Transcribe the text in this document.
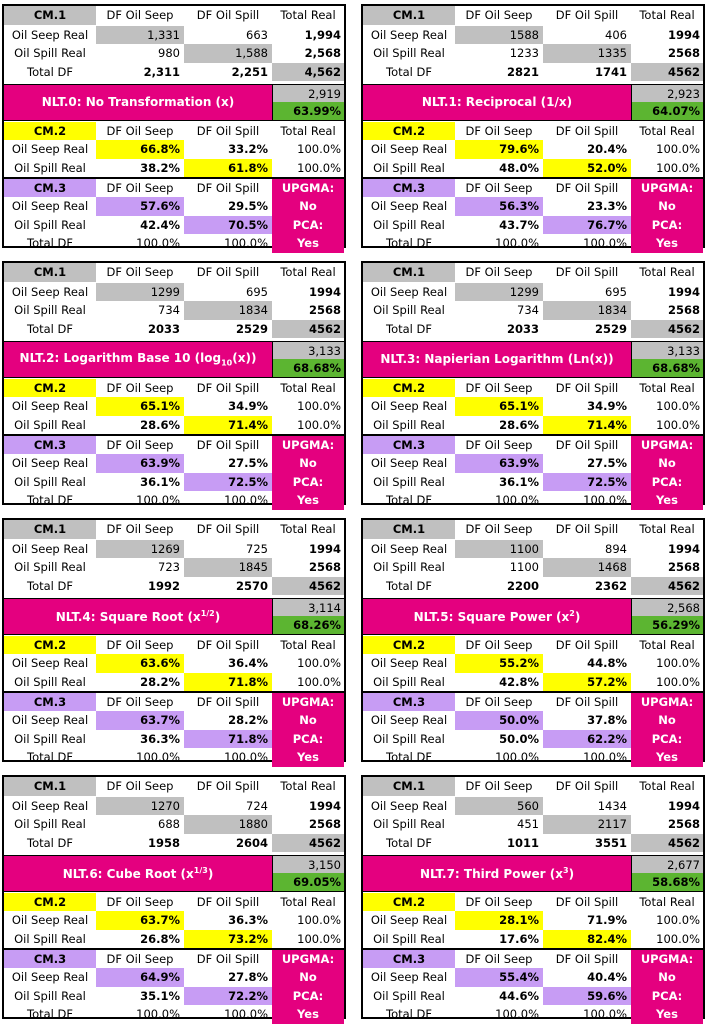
CM.1	DF Oil Seep	DF Oil Spill	Total Real
Oil Seep Real	1,331	663	1,994
Oil Spill Real	980	1,588	2,568
Total DF	2,311	2,251	4,562
NLT.0: No Transformation (x)
2,919
63.99%
CM.2	DF Oil Seep	DF Oil Spill	Total Real
Oil Seep Real	66.8%	33.2%	100.0%
Oil Spill Real	38.2%	61.8%	100.0%
CM.3	DF Oil Seep	DF Oil Spill	UPGMA:
Oil Seep Real	57.6%	29.5%	No
Oil Spill Real	42.4%	70.5%	PCA:
Total DF	100.0%	100.0%	Yes
CM.1	DF Oil Seep	DF Oil Spill	Total Real
Oil Seep Real	1588	406	1994
Oil Spill Real	1233	1335	2568
Total DF	2821	1741	4562
NLT.1: Reciprocal (1/x)
2,923
64.07%
CM.2	DF Oil Seep	DF Oil Spill	Total Real
Oil Seep Real	79.6%	20.4%	100.0%
Oil Spill Real	48.0%	52.0%	100.0%
CM.3	DF Oil Seep	DF Oil Spill	UPGMA:
Oil Seep Real	56.3%	23.3%	No
Oil Spill Real	43.7%	76.7%	PCA:
Total DF	100.0%	100.0%	Yes
CM.1	DF Oil Seep	DF Oil Spill	Total Real
Oil Seep Real	1299	695	1994
Oil Spill Real	734	1834	2568
Total DF	2033	2529	4562
NLT.2: Logarithm Base 10 $(\log_{10}(x))$
3,133
68.68%
CM.2	DF Oil Seep	DF Oil Spill	Total Real
Oil Seep Real	65.1%	34.9%	100.0%
Oil Spill Real	28.6%	71.4%	100.0%
CM.3	DF Oil Seep	DF Oil Spill	UPGMA:
Oil Seep Real	63.9%	27.5%	No
Oil Spill Real	36.1%	72.5%	PCA:
Total DF	100.0%	100.0%	Yes
CM.1	DF Oil Seep	DF Oil Spill	Total Real
Oil Seep Real	1299	695	1994
Oil Spill Real	734	1834	2568
Total DF	2033	2529	4562
NLT.3: Napierian Logarithm (Ln(x))
3,133
68.68%
CM.2	DF Oil Seep	DF Oil Spill	Total Real
Oil Seep Real	65.1%	34.9%	100.0%
Oil Spill Real	28.6%	71.4%	100.0%
CM.3	DF Oil Seep	DF Oil Spill	UPGMA:
Oil Seep Real	63.9%	27.5%	No
Oil Spill Real	36.1%	72.5%	PCA:
Total DF	100.0%	100.0%	Yes
CM.1	DF Oil Seep	DF Oil Spill	Total Real
Oil Seep Real	1269	725	1994
Oil Spill Real	723	1845	2568
Total DF	1992	2570	4562
NLT.4: Square Root $(x^{1/2})$
3,114
68.26%
CM.2	DF Oil Seep	DF Oil Spill	Total Real
Oil Seep Real	63.6%	36.4%	100.0%
Oil Spill Real	28.2%	71.8%	100.0%
CM.3	DF Oil Seep	DF Oil Spill	UPGMA:
Oil Seep Real	63.7%	28.2%	No
Oil Spill Real	36.3%	71.8%	PCA:
Total DF	100.0%	100.0%	Yes
CM.1	DF Oil Seep	DF Oil Spill	Total Real
Oil Seep Real	1100	894	1994
Oil Spill Real	1100	1468	2568
Total DF	2200	2362	4562
NLT.5: Square Power $(x^2)$
2,568
56.29%
CM.2	DF Oil Seep	DF Oil Spill	Total Real
Oil Seep Real	55.2%	44.8%	100.0%
Oil Spill Real	42.8%	57.2%	100.0%
CM.3	DF Oil Seep	DF Oil Spill	UPGMA:
Oil Seep Real	50.0%	37.8%	No
Oil Spill Real	50.0%	62.2%	PCA:
Total DF	100.0%	100.0%	Yes
CM.1	DF Oil Seep	DF Oil Spill	Total Real
Oil Seep Real	1270	724	1994
Oil Spill Real	688	1880	2568
Total DF	1958	2604	4562
NLT.6: Cube Root $(x^{1/3})$
3,150
69.05%
CM.2	DF Oil Seep	DF Oil Spill	Total Real
Oil Seep Real	63.7%	36.3%	100.0%
Oil Spill Real	26.8%	73.2%	100.0%
CM.3	DF Oil Seep	DF Oil Spill	UPGMA:
Oil Seep Real	64.9%	27.8%	No
Oil Spill Real	35.1%	72.2%	PCA:
Total DF	100.0%	100.0%	Yes
CM.1	DF Oil Seep	DF Oil Spill	Total Real
Oil Seep Real	560	1434	1994
Oil Spill Real	451	2117	2568
Total DF	1011	3551	4562
NLT.7: Third Power $(x^3)$
2,677
58.68%
CM.2	DF Oil Seep	DF Oil Spill	Total Real
Oil Seep Real	28.1%	71.9%	100.0%
Oil Spill Real	17.6%	82.4%	100.0%
CM.3	DF Oil Seep	DF Oil Spill	UPGMA:
Oil Seep Real	55.4%	40.4%	No
Oil Spill Real	44.6%	59.6%	PCA:
Total DF	100.0%	100.0%	Yes
